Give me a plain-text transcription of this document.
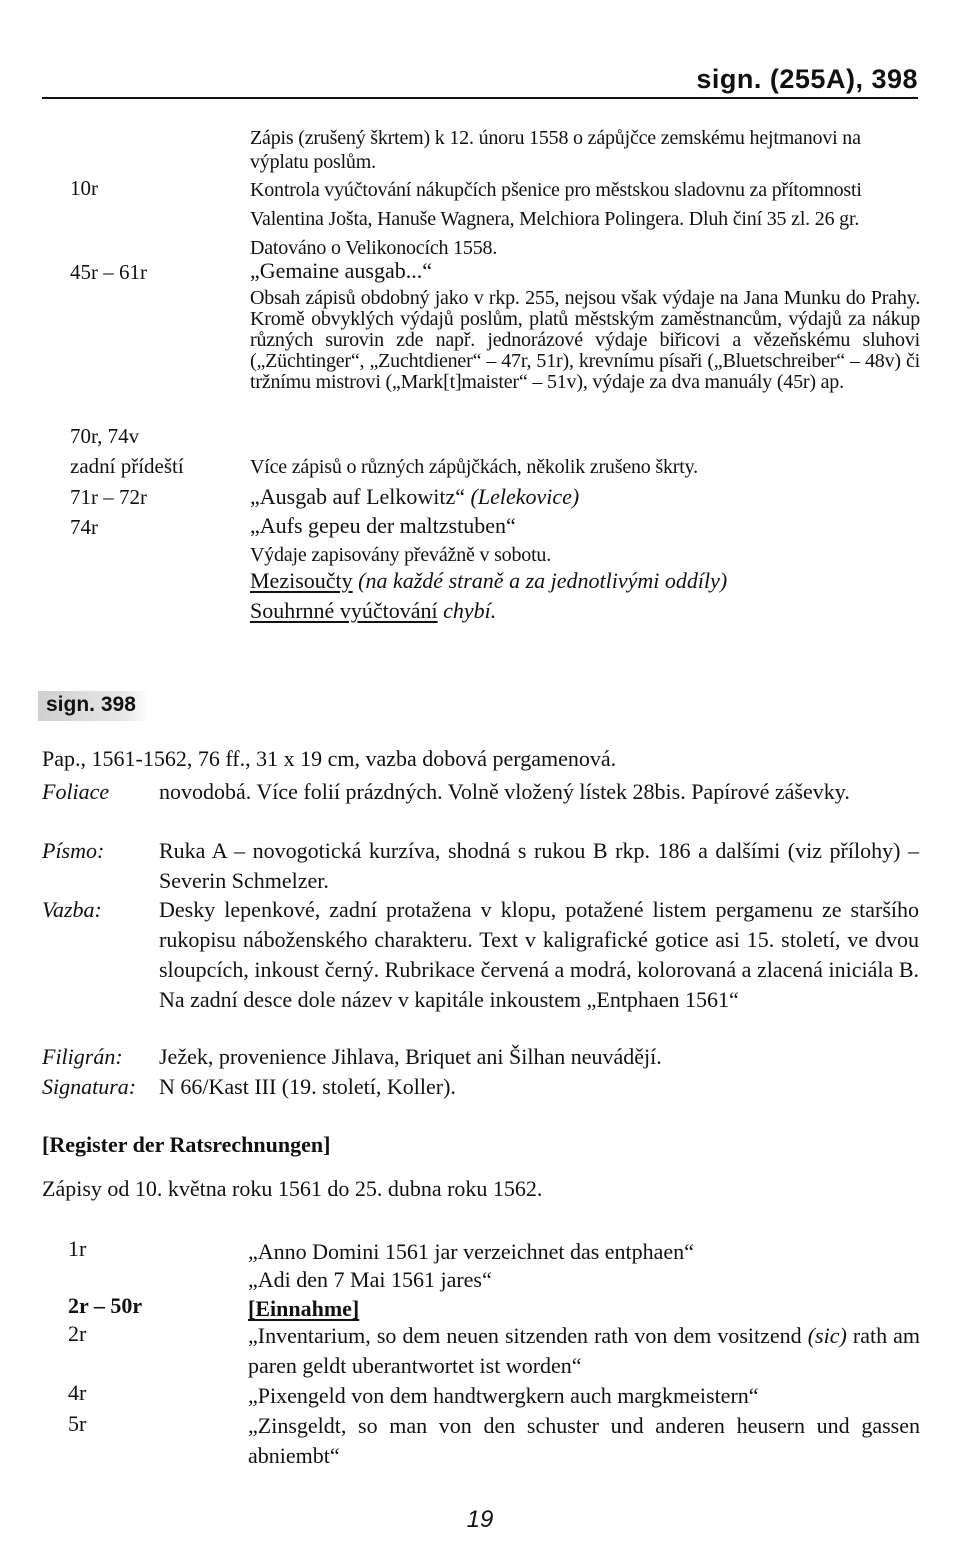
sign. (255A), 398
Zápis (zrušený škrtem) k 12. únoru 1558 o zápůjčce zemskému hejtmanovi na výplatu poslům.
10r	Kontrola vyúčtování nákupčích pšenice pro městskou sladovnu za přítomnosti Valentina Jošta, Hanuše Wagnera, Melchiora Polingera. Dluh činí 35 zl. 26 gr. Datováno o Velikonocích 1558.
45r – 61r	„Gemaine ausgab...“
Obsah zápisů obdobný jako v rkp. 255, nejsou však výdaje na Jana Munku do Prahy. Kromě obvyklých výdajů poslům, platů městským zaměstnancům, výdajů za nákup různých surovin zde např. jednorázové výdaje biřicovi a vězeňskému sluhovi („Züchtinger“, „Zuchtdiener“ – 47r, 51r), krevnímu písaři („Bluetschreiber“ – 48v) či tržnímu mistrovi („Mark[t]maister“ – 51v), výdaje za dva manuály (45r) ap.
70r, 74v
zadní přídeští	Více zápisů o různých zápůjčkách, několik zrušeno škrty.
71r – 72r	„Ausgab auf Lelkowitz“ (Lelekovice)
74r	„Aufs gepeu der maltzstuben“
Výdaje zapisovány převážně v sobotu.
Mezisoučty (na každé straně a za jednotlivými oddíly)
Souhrnné vyúčtování chybí.
sign. 398
Pap., 1561-1562, 76 ff., 31 x 19 cm, vazba dobová pergamenová.
Foliace novodobá. Více folií prázdných. Volně vložený lístek 28bis. Papírové záševky.
Písmo: Ruka A – novogotická kurzíva, shodná s rukou B rkp. 186 a dalšími (viz přílohy) – Severin Schmelzer.
Vazba:	Desky lepenkové, zadní protažena v klopu, potažené listem pergamenu ze staršího rukopisu náboženského charakteru. Text v kaligrafické gotice asi 15. století, ve dvou sloupcích, inkoust černý. Rubrikace červená a modrá, kolorovaná a zlacená iniciála B. Na zadní desce dole název v kapitále inkoustem „Entphaen 1561“
Filigrán: Ježek, provenience Jihlava, Briquet ani Šilhan neuvádějí.
Signatura: N 66/Kast III (19. století, Koller).
[Register der Ratsrechnungen]
Zápisy od 10. května roku 1561 do 25. dubna roku 1562.
1r	„Anno Domini 1561 jar verzeichnet das entphaen“
„Adi den 7 Mai 1561 jares“
2r – 50r	[Einnahme]
2r	„Inventarium, so dem neuen sitzenden rath von dem vositzend (sic) rath am paren geldt uberantwortet ist worden“
4r	„Pixengeld von dem handtwergkern auch margkmeistern“
5r	„Zinsgeldt, so man von den schuster und anderen heusern und gassen abniembt“
19
